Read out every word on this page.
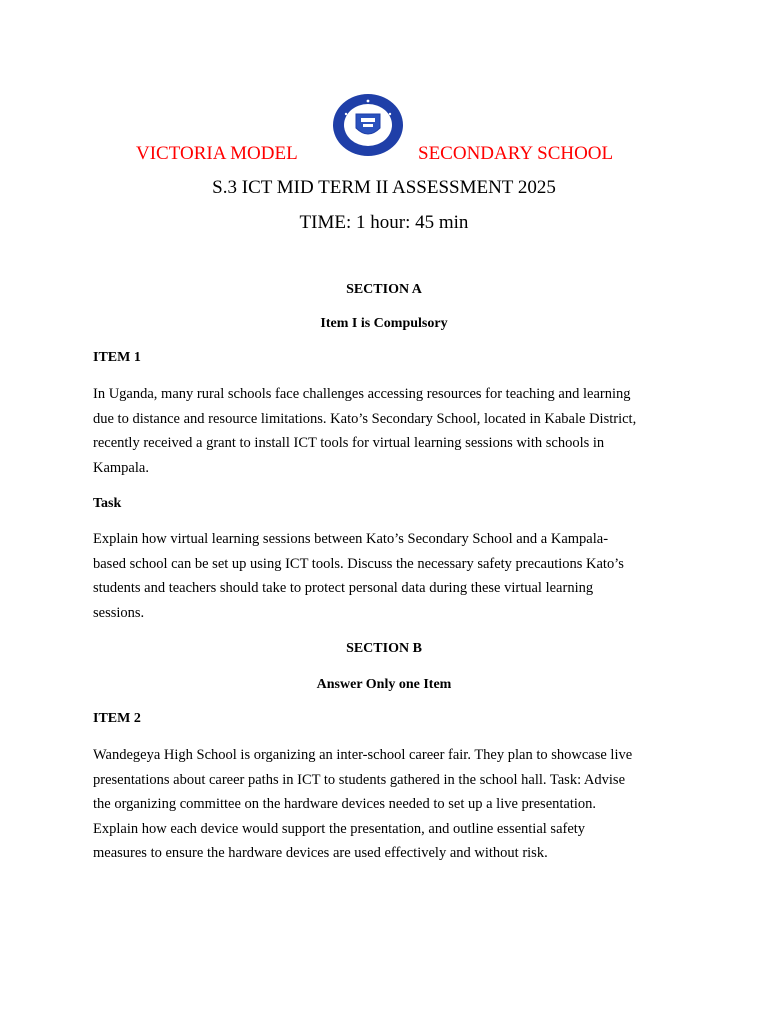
VICTORIA MODEL	SECONDARY SCHOOL
S.3 ICT MID TERM II ASSESSMENT 2025
TIME: 1 hour: 45 min
SECTION A
Item I is Compulsory
ITEM 1
In Uganda, many rural schools face challenges accessing resources for teaching and learning
due to distance and resource limitations. Kato’s Secondary School, located in Kabale District,
recently received a grant to install ICT tools for virtual learning sessions with schools in
Kampala.
Task
Explain how virtual learning sessions between Kato’s Secondary School and a Kampala-
based school can be set up using ICT tools. Discuss the necessary safety precautions Kato’s
students and teachers should take to protect personal data during these virtual learning
sessions.
SECTION B
Answer Only one Item
ITEM 2
Wandegeya High School is organizing an inter-school career fair. They plan to showcase live
presentations about career paths in ICT to students gathered in the school hall. Task: Advise
the organizing committee on the hardware devices needed to set up a live presentation.
Explain how each device would support the presentation, and outline essential safety
measures to ensure the hardware devices are used effectively and without risk.
